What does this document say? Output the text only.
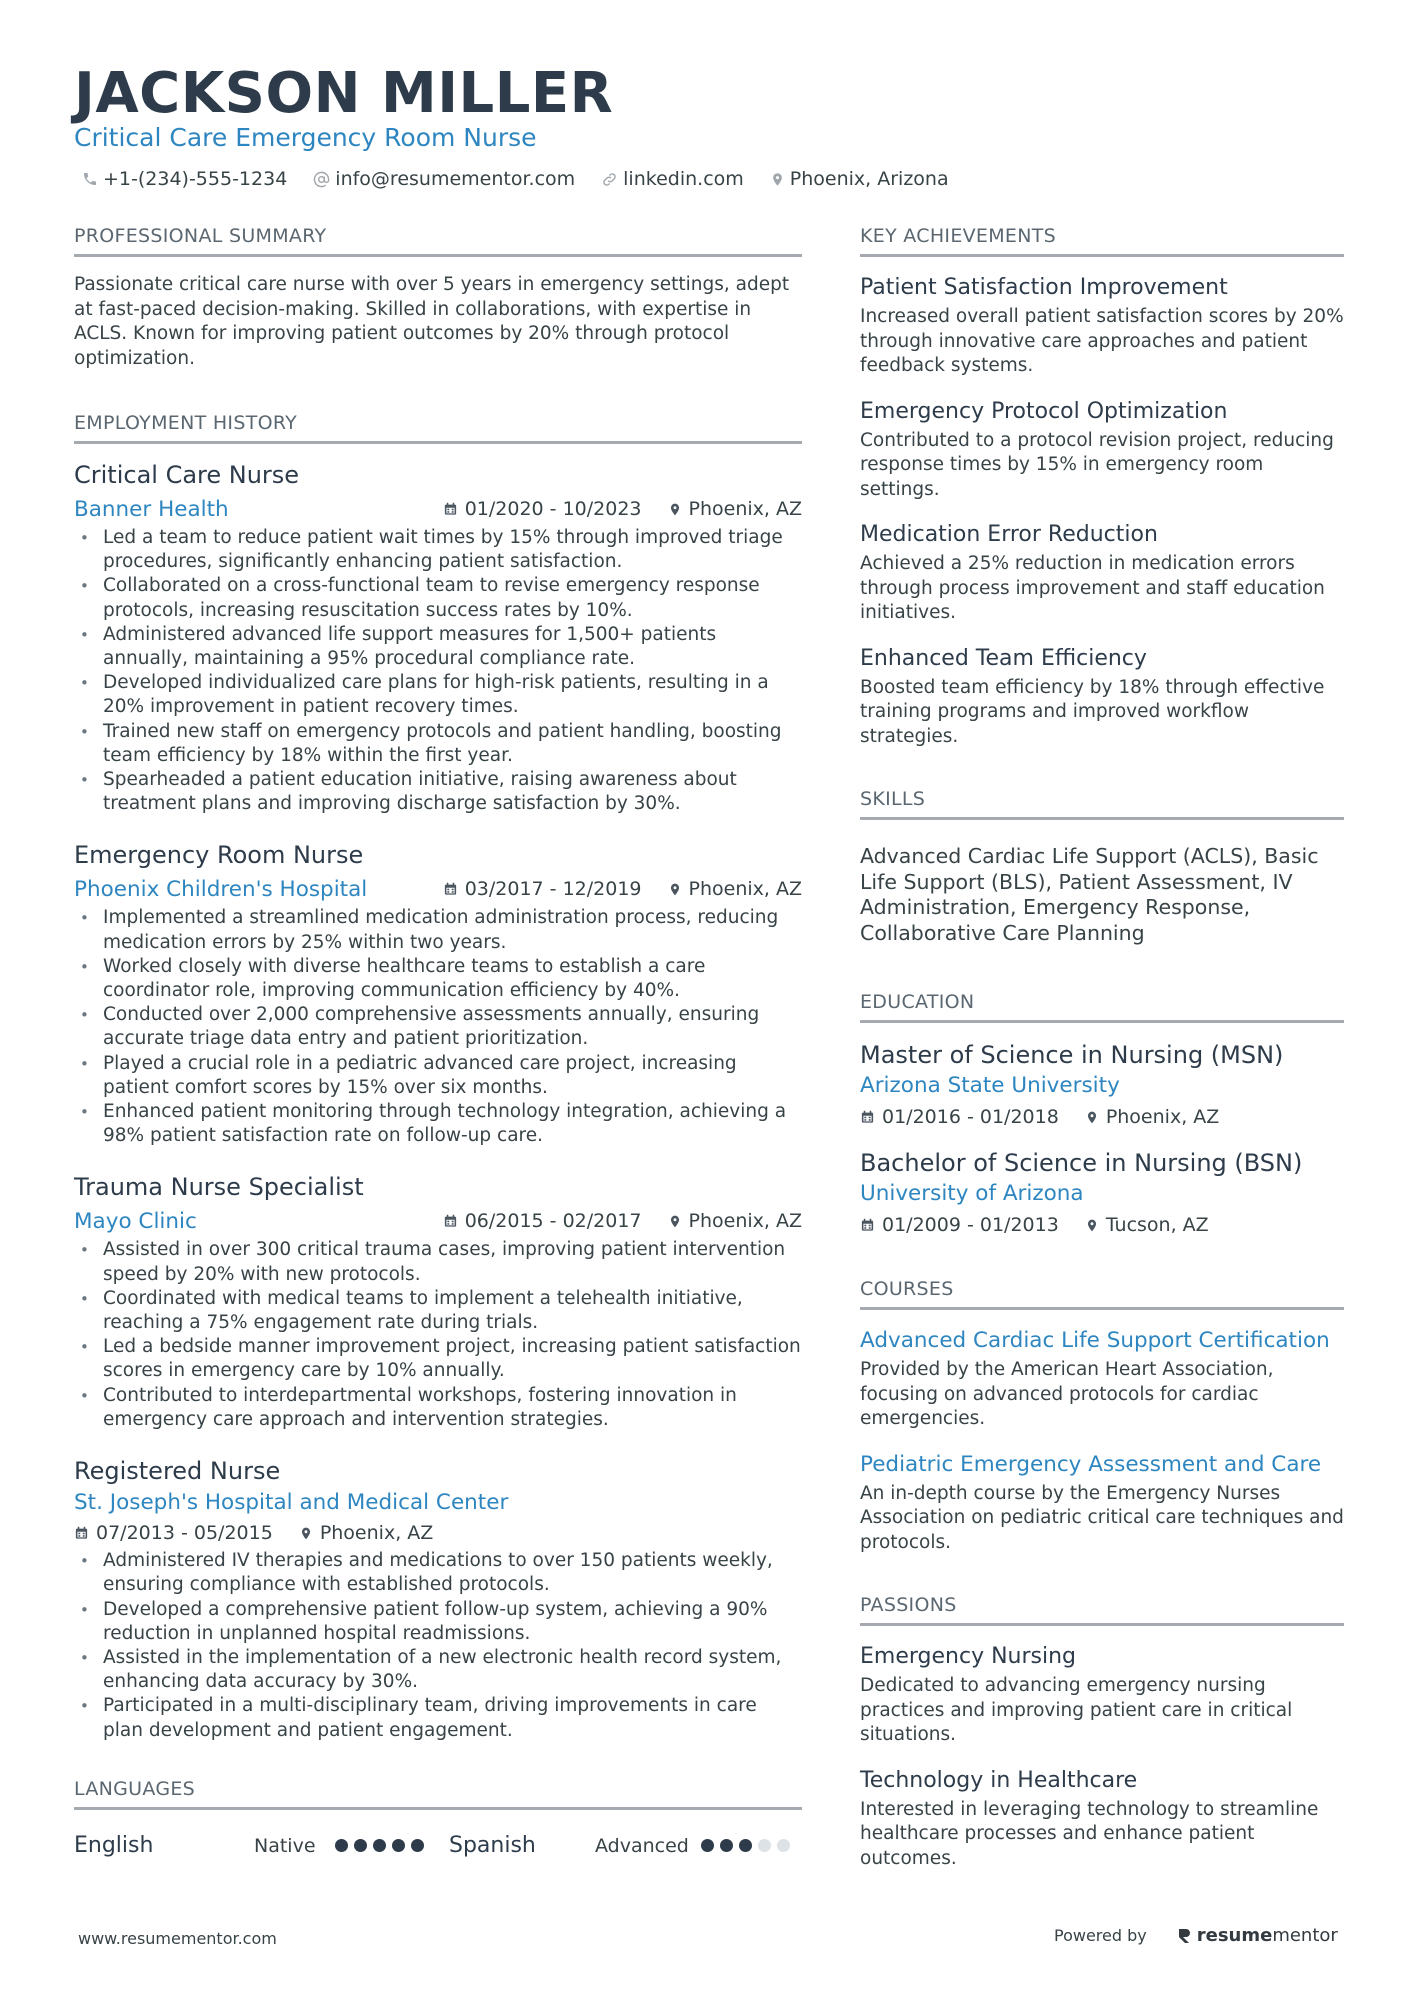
JACKSON MILLER
Critical Care Emergency Room Nurse
+1-(234)-555-1234	info@resumementor.com	linkedin.com Phoenix, Arizona
PROFESSIONAL SUMMARY
Passionate critical care nurse with over 5 years in emergency settings, adept at fast-paced decision-making. Skilled in collaborations, with expertise in ACLS. Known for improving patient outcomes by 20% through protocol optimization.
EMPLOYMENT HISTORY
Critical Care Nurse
Banner Health	01/2020 - 10/2023 Phoenix, AZ
• Led a team to reduce patient wait times by 15% through improved triage procedures, significantly enhancing patient satisfaction.
• Collaborated on a cross-functional team to revise emergency response protocols, increasing resuscitation success rates by 10%.
• Administered advanced life support measures for 1,500+ patients annually, maintaining a 95% procedural compliance rate.
• Developed individualized care plans for high-risk patients, resulting in a 20% improvement in patient recovery times.
• Trained new staff on emergency protocols and patient handling, boosting team efficiency by 18% within the first year.
• Spearheaded a patient education initiative, raising awareness about treatment plans and improving discharge satisfaction by 30%.
Emergency Room Nurse
Phoenix Children's Hospital	03/2017 - 12/2019 Phoenix, AZ
• Implemented a streamlined medication administration process, reducing medication errors by 25% within two years.
• Worked closely with diverse healthcare teams to establish a care coordinator role, improving communication efficiency by 40%.
• Conducted over 2,000 comprehensive assessments annually, ensuring accurate triage data entry and patient prioritization.
• Played a crucial role in a pediatric advanced care project, increasing patient comfort scores by 15% over six months.
• Enhanced patient monitoring through technology integration, achieving a 98% patient satisfaction rate on follow-up care.
Trauma Nurse Specialist
Mayo Clinic	06/2015 - 02/2017 Phoenix, AZ
• Assisted in over 300 critical trauma cases, improving patient intervention speed by 20% with new protocols.
• Coordinated with medical teams to implement a telehealth initiative, reaching a 75% engagement rate during trials.
• Led a bedside manner improvement project, increasing patient satisfaction scores in emergency care by 10% annually.
• Contributed to interdepartmental workshops, fostering innovation in emergency care approach and intervention strategies.
Registered Nurse
St. Joseph's Hospital and Medical Center
07/2013 - 05/2015 Phoenix, AZ
• Administered IV therapies and medications to over 150 patients weekly, ensuring compliance with established protocols.
• Developed a comprehensive patient follow-up system, achieving a 90% reduction in unplanned hospital readmissions.
• Assisted in the implementation of a new electronic health record system, enhancing data accuracy by 30%.
• Participated in a multi-disciplinary team, driving improvements in care plan development and patient engagement.
LANGUAGES
English	Native	Spanish	Advanced
KEY ACHIEVEMENTS
Patient Satisfaction Improvement
Increased overall patient satisfaction scores by 20% through innovative care approaches and patient feedback systems.
Emergency Protocol Optimization
Contributed to a protocol revision project, reducing response times by 15% in emergency room settings.
Medication Error Reduction
Achieved a 25% reduction in medication errors through process improvement and staff education initiatives.
Enhanced Team Efficiency
Boosted team efficiency by 18% through effective training programs and improved workflow strategies.
SKILLS
Advanced Cardiac Life Support (ACLS), Basic Life Support (BLS), Patient Assessment, IV Administration, Emergency Response, Collaborative Care Planning
EDUCATION
Master of Science in Nursing (MSN)
Arizona State University
01/2016 - 01/2018 Phoenix, AZ
Bachelor of Science in Nursing (BSN)
University of Arizona
01/2009 - 01/2013 Tucson, AZ
COURSES
Advanced Cardiac Life Support Certification
Provided by the American Heart Association, focusing on advanced protocols for cardiac emergencies.
Pediatric Emergency Assessment and Care
An in-depth course by the Emergency Nurses Association on pediatric critical care techniques and protocols.
PASSIONS
Emergency Nursing
Dedicated to advancing emergency nursing practices and improving patient care in critical situations.
Technology in Healthcare
Interested in leveraging technology to streamline healthcare processes and enhance patient outcomes.
www.resumementor.com	Powered by	resume mentor
